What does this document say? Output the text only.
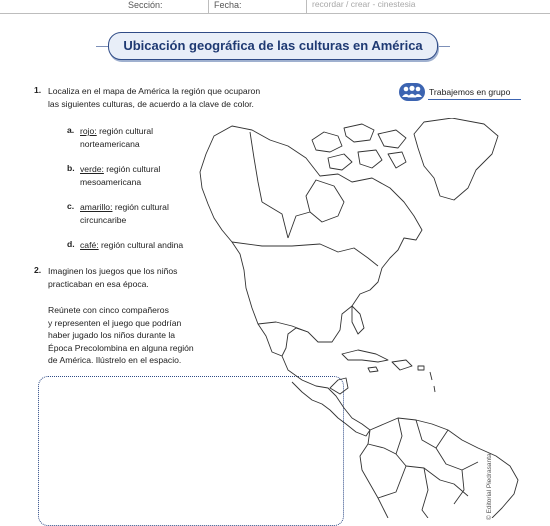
Sección:	Fecha:	recordar / crear - cinestesia
Ubicación geográfica de las culturas en América
Trabajemos en grupo
1. Localiza en el mapa de América la región que ocuparon
las siguientes culturas, de acuerdo a la clave de color.
a. rojo: región cultural
norteamericana
b. verde: región cultural
mesoamericana
c. amarillo: región cultural
circuncaribe
d. café: región cultural andina
2. Imaginen los juegos que los niños
practicaban en esa época.
Reúnete con cinco compañeros
y representen el juego que podrían
haber jugado los niños durante la
Época Precolombina en alguna región
de América. Ilústrelo en el espacio.
© Editorial Piedrasanta
